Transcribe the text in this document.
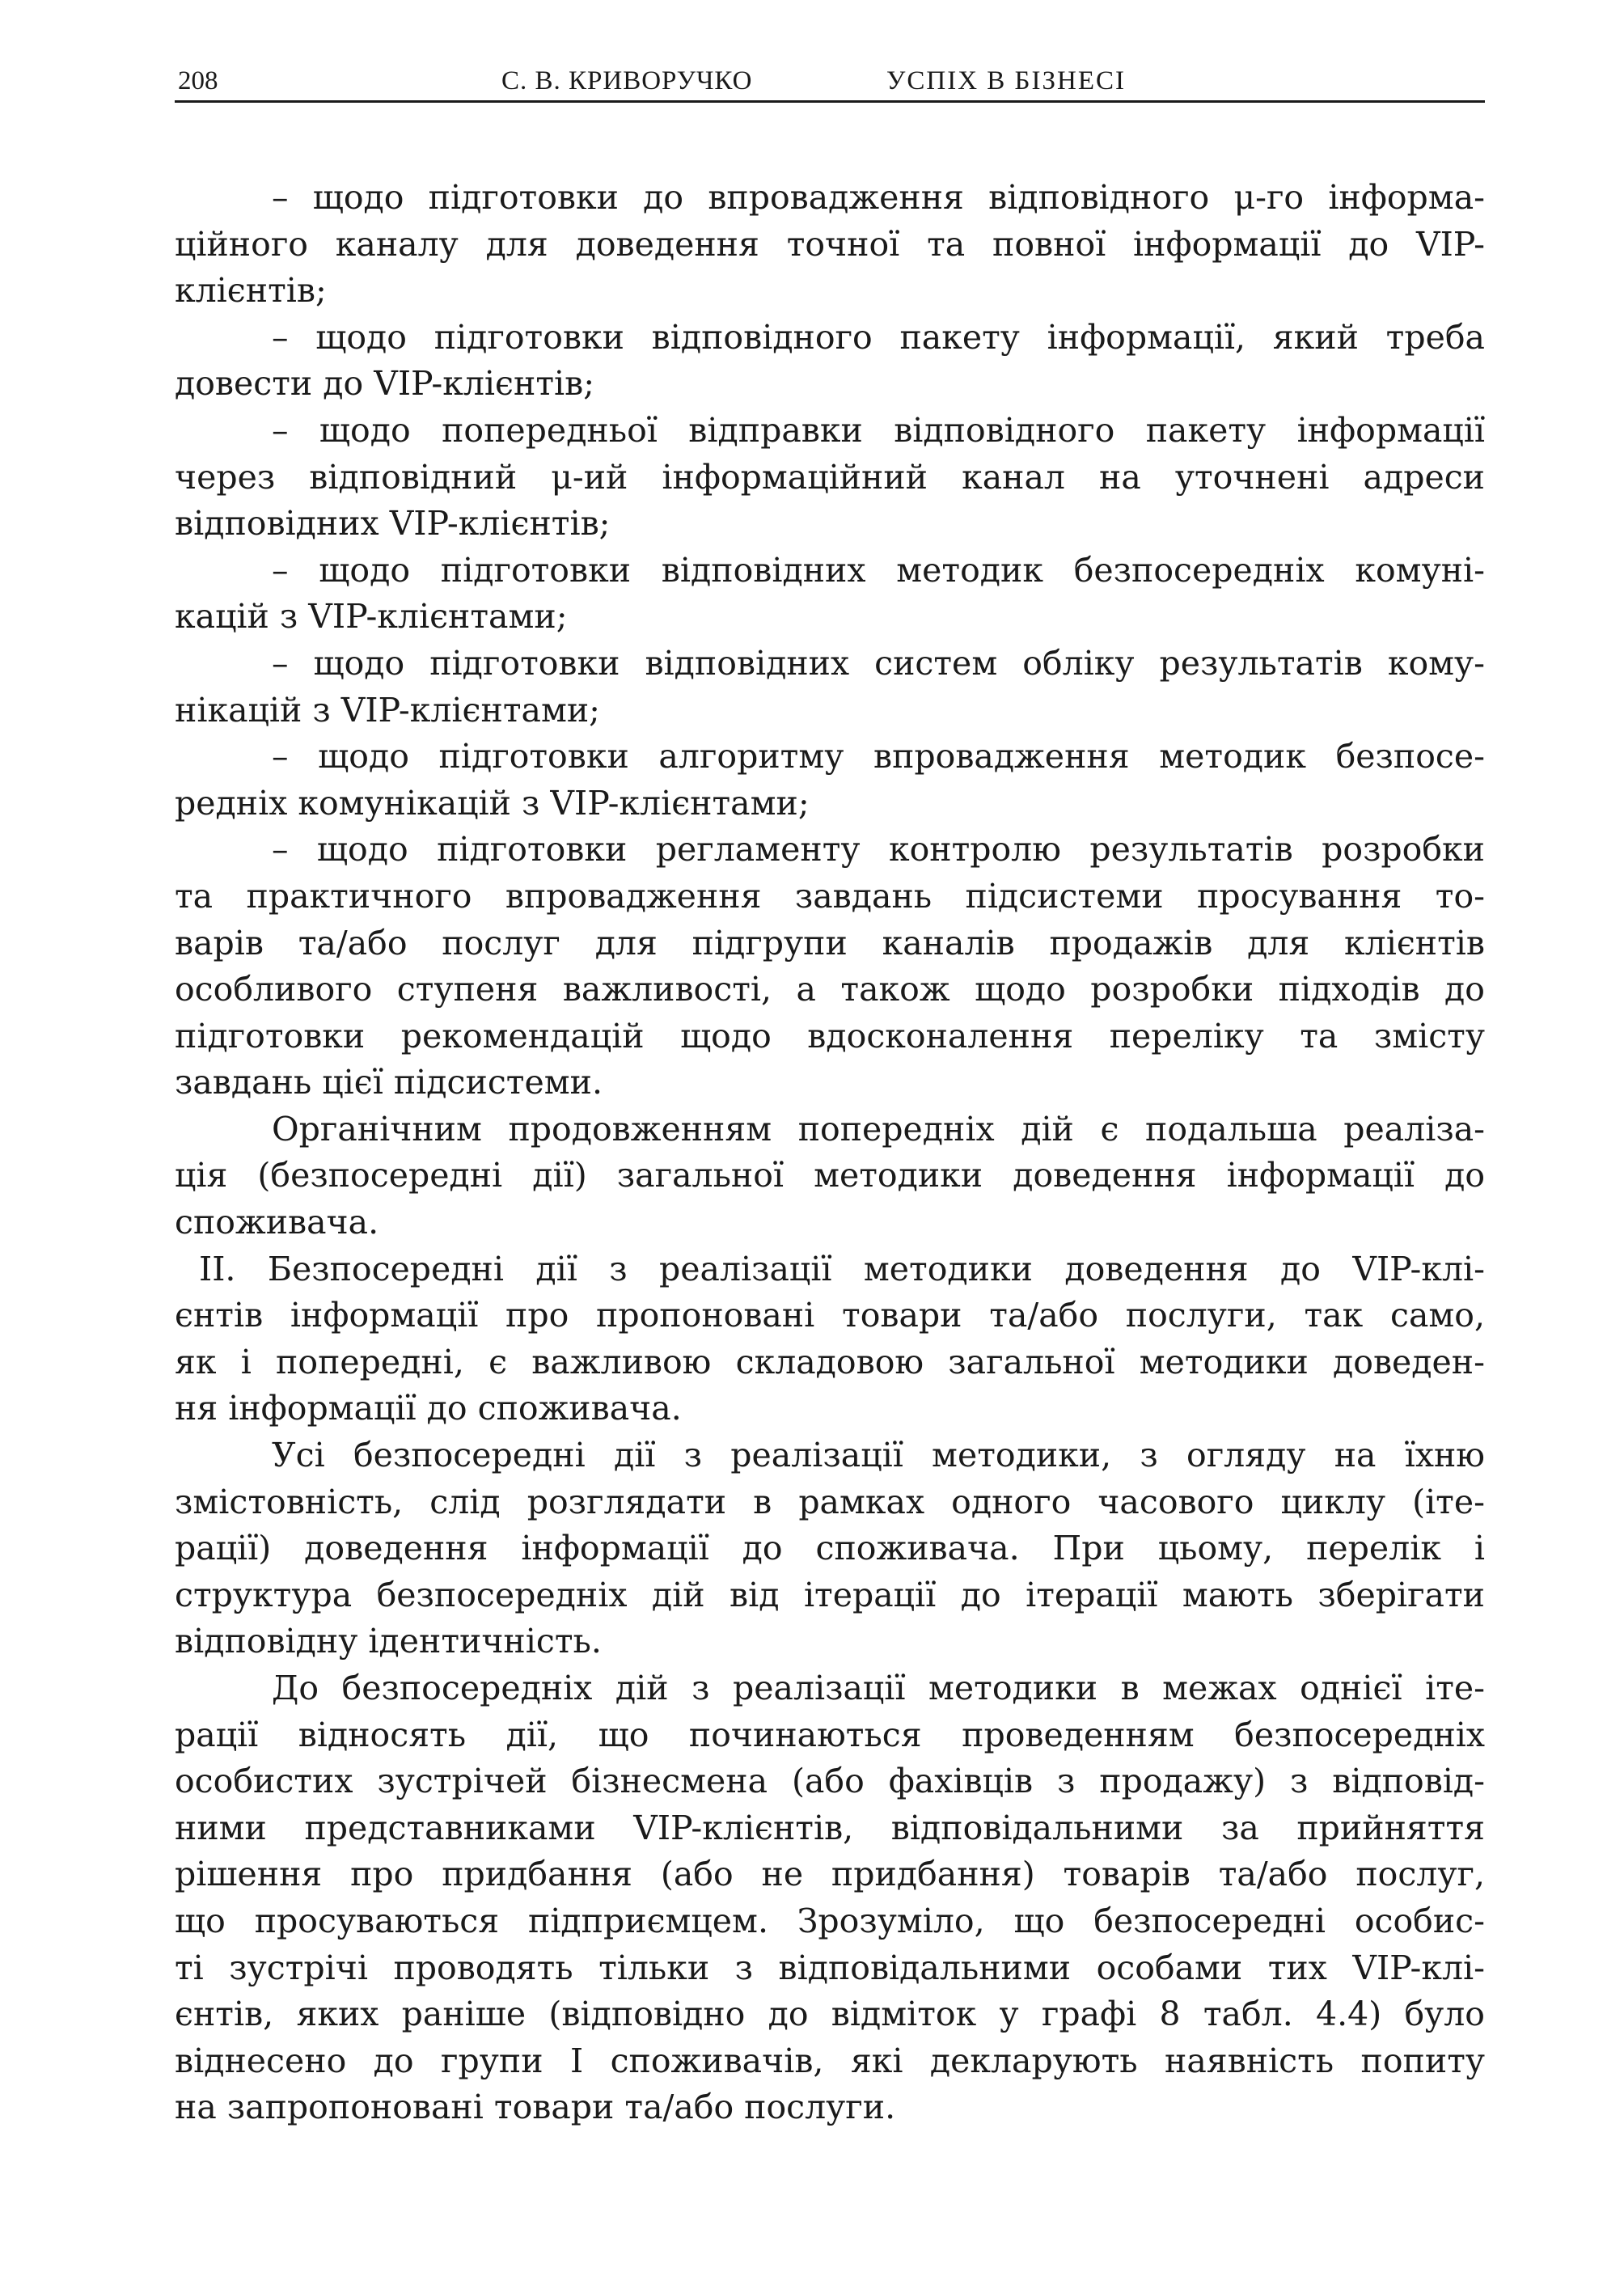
208	С. В. КРИВОРУЧКО	УСПІХ В БІЗНЕСІ
– щодо підготовки до впровадження відповідного μ-го інформа-
ційного каналу для доведення точної та повної інформації до VIP-
клієнтів;
– щодо підготовки відповідного пакету інформації, який треба
довести до VIP-клієнтів;
– щодо попередньої відправки відповідного пакету інформації
через відповідний μ-ий інформаційний канал на уточнені адреси
відповідних VIP-клієнтів;
– щодо підготовки відповідних методик безпосередніх комуні-
кацій з VIP-клієнтами;
– щодо підготовки відповідних систем обліку результатів кому-
нікацій з VIP-клієнтами;
– щодо підготовки алгоритму впровадження методик безпосе-
редніх комунікацій з VIP-клієнтами;
– щодо підготовки регламенту контролю результатів розробки
та практичного впровадження завдань підсистеми просування то-
варів та/або послуг для підгрупи каналів продажів для клієнтів
особливого ступеня важливості, а також щодо розробки підходів до
підготовки рекомендацій щодо вдосконалення переліку та змісту
завдань цієї підсистеми.
Органічним продовженням попередніх дій є подальша реаліза-
ція (безпосередні дії) загальної методики доведення інформації до
споживача.
II. Безпосередні дії з реалізації методики доведення до VIP-клі-
єнтів інформації про пропоновані товари та/або послуги, так само,
як і попередні, є важливою складовою загальної методики доведен-
ня інформації до споживача.
Усі безпосередні дії з реалізації методики, з огляду на їхню
змістовність, слід розглядати в рамках одного часового циклу (іте-
рації) доведення інформації до споживача. При цьому, перелік і
структура безпосередніх дій від ітерації до ітерації мають зберігати
відповідну ідентичність.
До безпосередніх дій з реалізації методики в межах однієї іте-
рації відносять дії, що починаються проведенням безпосередніх
особистих зустрічей бізнесмена (або фахівців з продажу) з відповід-
ними представниками VIP-клієнтів, відповідальними за прийняття
рішення про придбання (або не придбання) товарів та/або послуг,
що просуваються підприємцем. Зрозуміло, що безпосередні особис-
ті зустрічі проводять тільки з відповідальними особами тих VIP-клі-
єнтів, яких раніше (відповідно до відміток у графі 8 табл. 4.4) було
віднесено до групи I споживачів, які декларують наявність попиту
на запропоновані товари та/або послуги.
